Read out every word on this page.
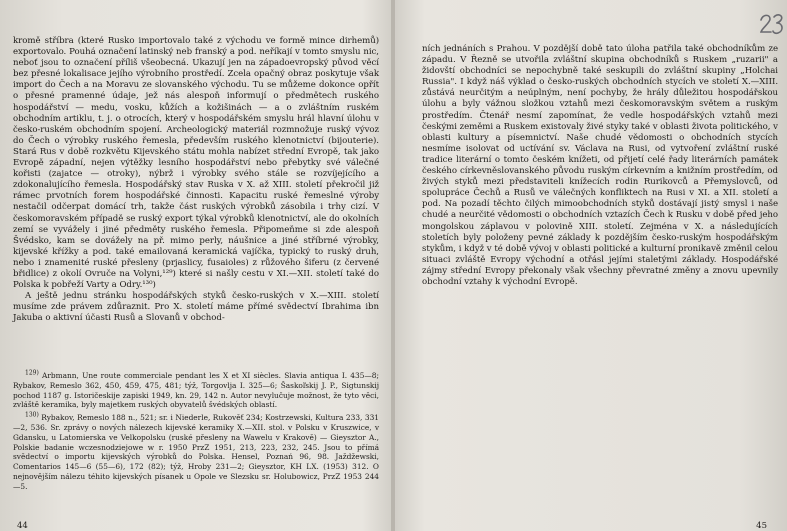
kromě stříbra (které Rusko importovalo také z východu ve formě mince dirhemů) exportovalo. Pouhá označení latinský neb franský a pod. neříkají v tomto smyslu nic, neboť jsou to označení příliš všeobecná. Ukazují jen na západoevropský původ věcí bez přesné lokalisace jejího výrobního prostředí. Zcela opačný obraz poskytuje však import do Čech a na Moravu ze slovanského východu. Tu se můžeme dokonce opřít o přesné pramenné údaje, jež nás alespoň informují o předmětech ruského hospodářství — medu, vosku, kůžích a kožišinách — a o zvláštním ruském obchodním artiklu, t. j. o otrocích, který v hospodářském smyslu hrál hlavní úlohu v česko-ruském obchodním spojení. Archeologický materiál rozmnožuje ruský vývoz do Čech o výrobky ruského řemesla, především ruského klenotnictví (bijouterie). Stará Rus v době rozkvětu Kijevského státu mohla nabízet střední Evropě, tak jako Evropě západní, nejen výtěžky lesního hospodářství nebo přebytky své válečné kořisti (zajatce — otroky), nýbrž i výrobky svého stále se rozvíjejícího a zdokonalujícího řemesla. Hospodářský stav Ruska v X. až XIII. století překročil již rámec prvotních forem hospodářské činnosti. Kapacitu ruské řemeslné výroby nestačil odčerpat domácí trh, takže část ruských výrobků zásobila i trhy cizí. V českomoravském případě se ruský export týkal výrobků klenotnictví, ale do okolních zemí se vyvážely i jiné předměty ruského řemesla. Připomeňme si zde alespoň Švédsko, kam se dovážely na př. mimo perly, náušnice a jiné stříbrné výrobky, kijevské křížky a pod. také emailovaná keramická vajíčka, typický to ruský druh, nebo i znamenité ruské přesleny (prjaslicy, fusaioles) z růžového šiferu (z červené břidlice) z okolí Ovruče na Volyni,¹²⁹) které si našly cestu v XI.—XII. století také do Polska k pobřeží Varty a Odry.¹³⁰)

A ještě jednu stránku hospodářských styků česko-ruských v X.—XIII. století musíme zde právem zdůraznit. Pro X. století máme přímé svědectví Ibrahima ibn Jakuba o aktivní účasti Rusů a Slovanů v obchod-

$^{129)}$ Arbmann, Une route commerciale pendant les X et XI siècles. Slavia antiqua I. 435—8; Rybakov, Remeslo 362, 450, 459, 475, 481; týž, Torgovlja I. 325—6; Šaskoľskij J. P., Sigtunskij pochod 1187 g. Istoričeskije zapiski 1949, kn. 29, 142 n. Autor nevylučuje možnost, že tyto věci, zvláště keramika, byly majetkem ruských obyvatelů švédských oblastí.

$^{130)}$ Rybakov, Remeslo 188 n., 521; sr. i Niederle, Rukověť 234; Kostrzewski, Kultura 233, 331—2, 536. Sr. zprávy o nových nálezech kijevské keramiky X.—XII. stol. v Polsku v Kruszwice, v Gdansku, u Latomierska ve Velkopolsku (ruské přesleny na Wawelu v Krakově) — Gieysztor A., Polskie badanie wczesnodziejowe w r. 1950 PrzZ 1951, 213, 223, 232, 245. Jsou to přímá svědectví o importu kijevských výrobků do Polska. Hensel, Poznań 96, 98. Jaždžewski, Comentarios 145—6 (55—6), 172 (82); týž, Hroby 231—2; Gieysztor, KH LX. (1953) 312. O nejnovějším nálezu téhito kijevských písanek u Opole ve Slezsku sr. Holubowicz, PrzZ 1953 244—5.

44

ních jednáních s Prahou. V pozdější době tato úloha patřila také obchodníkům ze západu. V Řezně se utvořila zvláštní skupina obchodníků s Ruskem „ruzarii" a židovští obchodníci se nepochybně také seskupili do zvláštní skupiny „Holchai Russia". I když náš výklad o česko-ruských obchodních stycích ve století X.—XIII. zůstává neurčitým a neúplným, není pochyby, že hrály důležitou hospodářskou úlohu a byly vážnou složkou vztahů mezi českomoravským světem a ruským prostředím. Čtenář nesmí zapomínat, že vedle hospodářských vztahů mezi českými zeměmi a Ruskem existovaly živé styky také v oblasti života politického, v oblasti kultury a písemnictví. Naše chudé vědomosti o obchodních stycích nesmíme isolovat od uctívání sv. Václava na Rusi, od vytvoření zvláštní ruské tradice literární o tomto českém knížeti, od přijetí celé řady literárních památek českého církevněslovanského původu ruským církevním a knižním prostředím, od živých styků mezi představiteli knížecích rodin Rurikovců a Přemyslovců, od spolupráce Čechů a Rusů ve válečných konfliktech na Rusi v XI. a XII. století a pod. Na pozadí těchto čilých mimoobchodních styků dostávají jistý smysl i naše chudé a neurčité vědomosti o obchodních vztazích Čech k Rusku v době před jeho mongolskou záplavou v polovině XIII. století. Zejména v X. a následujících stoletích byly položeny pevné základy k pozdějším česko-ruským hospodářským stykům, i když v té době vývoj v oblasti politické a kulturní pronikavě změnil celou situaci zvláště Evropy východní a otřásl jejími staletými základy. Hospodářské zájmy střední Evropy překonaly však všechny převratné změny a znovu upevnily obchodní vztahy k východní Evropě.

45
